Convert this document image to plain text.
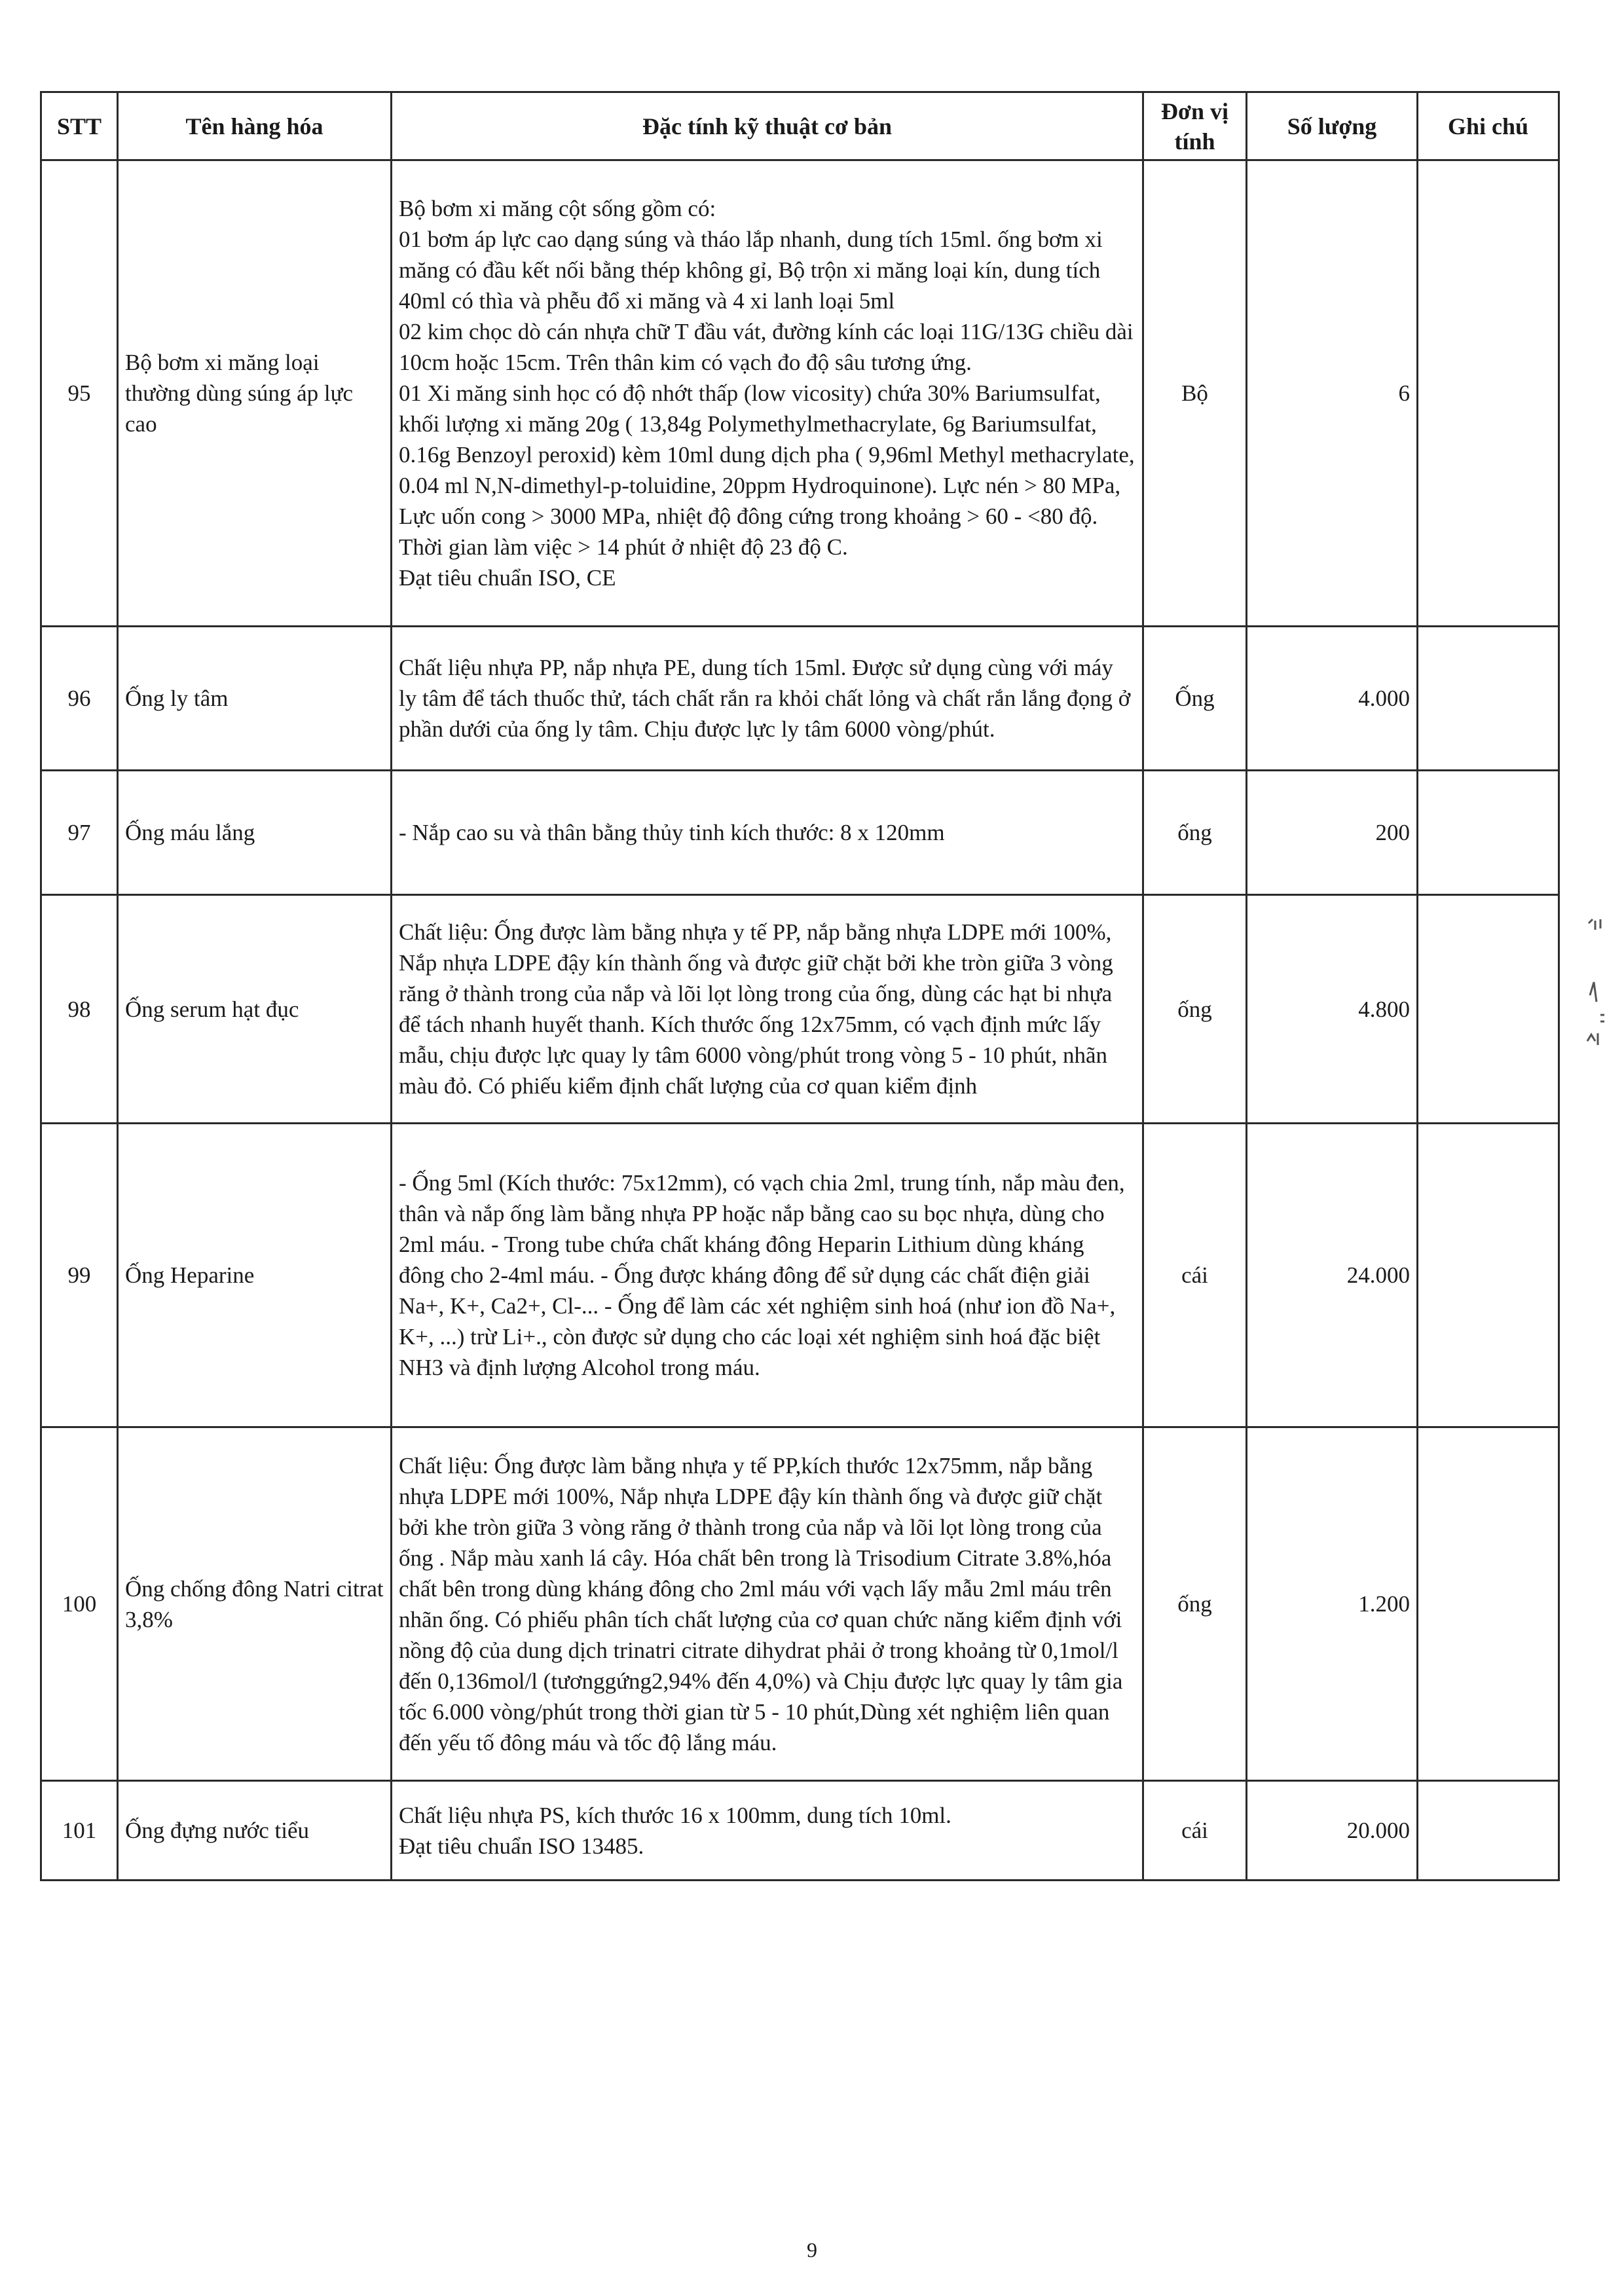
STT	Tên hàng hóa	Đặc tính kỹ thuật cơ bản	Đơn vị tính	Số lượng	Ghi chú
95	Bộ bơm xi măng loại thường dùng súng áp lực cao	Bộ bơm xi măng cột sống gồm có:
01 bơm áp lực cao dạng súng và tháo lắp nhanh, dung tích 15ml. ống bơm xi măng có đầu kết nối bằng thép không gỉ, Bộ trộn xi măng loại kín, dung tích 40ml có thìa và phễu đổ xi măng và 4 xi lanh loại 5ml
02 kim chọc dò cán nhựa chữ T đầu vát, đường kính các loại 11G/13G chiều dài 10cm hoặc 15cm. Trên thân kim có vạch đo độ sâu tương ứng.
01 Xi măng sinh học có độ nhớt thấp (low vicosity) chứa 30% Bariumsulfat, khối lượng xi măng 20g ( 13,84g Polymethylmethacrylate, 6g Bariumsulfat, 0.16g Benzoyl peroxid) kèm 10ml dung dịch pha ( 9,96ml Methyl methacrylate, 0.04 ml N,N-dimethyl-p-toluidine, 20ppm Hydroquinone). Lực nén > 80 MPa, Lực uốn cong > 3000 MPa, nhiệt độ đông cứng trong khoảng > 60 - <80 độ. Thời gian làm việc > 14 phút ở nhiệt độ 23 độ C.
Đạt tiêu chuẩn ISO, CE	Bộ	6	
96	Ống ly tâm	Chất liệu nhựa PP, nắp nhựa PE, dung tích 15ml. Được sử dụng cùng với máy ly tâm để tách thuốc thử, tách chất rắn ra khỏi chất lỏng và chất rắn lắng đọng ở phần dưới của ống ly tâm. Chịu được lực ly tâm 6000 vòng/phút.	Ống	4.000	
97	Ống máu lắng	- Nắp cao su và thân bằng thủy tinh kích thước: 8 x 120mm	ống	200	
98	Ống serum hạt đục	Chất liệu: Ống được làm bằng nhựa y tế PP, nắp bằng nhựa LDPE mới 100%, Nắp nhựa LDPE đậy kín thành ống và được giữ chặt bởi khe tròn giữa 3 vòng răng ở thành trong của nắp và lõi lọt lòng trong của ống, dùng các hạt bi nhựa để tách nhanh huyết thanh. Kích thước ống 12x75mm, có vạch định mức lấy mẫu, chịu được lực quay ly tâm 6000 vòng/phút trong vòng 5 - 10 phút, nhãn màu đỏ. Có phiếu kiểm định chất lượng của cơ quan kiểm định	ống	4.800	
99	Ống Heparine	- Ống 5ml (Kích thước: 75x12mm), có vạch chia 2ml, trung tính, nắp màu đen, thân và nắp ống làm bằng nhựa PP hoặc nắp bằng cao su bọc nhựa, dùng cho 2ml máu. - Trong tube chứa chất kháng đông Heparin Lithium dùng kháng đông cho 2-4ml máu. - Ống được kháng đông để sử dụng các chất điện giải Na+, K+, Ca2+, Cl-... - Ống để làm các xét nghiệm sinh hoá (như ion đồ Na+, K+, ...) trừ Li+., còn được sử dụng cho các loại xét nghiệm sinh hoá đặc biệt NH3 và định lượng Alcohol trong máu.	cái	24.000	
100	Ống chống đông Natri citrat 3,8%	Chất liệu: Ống được làm bằng nhựa y tế PP,kích thước 12x75mm, nắp bằng nhựa LDPE mới 100%, Nắp nhựa LDPE đậy kín thành ống và được giữ chặt bởi khe tròn giữa 3 vòng răng ở thành trong của nắp và lõi lọt lòng trong của ống . Nắp màu xanh lá cây. Hóa chất bên trong là Trisodium Citrate 3.8%,hóa chất bên trong dùng kháng đông cho 2ml máu với vạch lấy mẫu 2ml máu trên nhãn ống. Có phiếu phân tích chất lượng của cơ quan chức năng kiểm định với nồng độ của dung dịch trinatri citrate dihydrat phải ở trong khoảng từ 0,1mol/l đến 0,136mol/l (tươnggứng2,94% đến 4,0%) và Chịu được lực quay ly tâm gia tốc 6.000 vòng/phút trong thời gian từ 5 - 10 phút,Dùng xét nghiệm liên quan đến yếu tố đông máu và tốc độ lắng máu.	ống	1.200	
101	Ống đựng nước tiểu	Chất liệu nhựa PS, kích thước 16 x 100mm, dung tích 10ml.
Đạt tiêu chuẩn ISO 13485.	cái	20.000	
9
